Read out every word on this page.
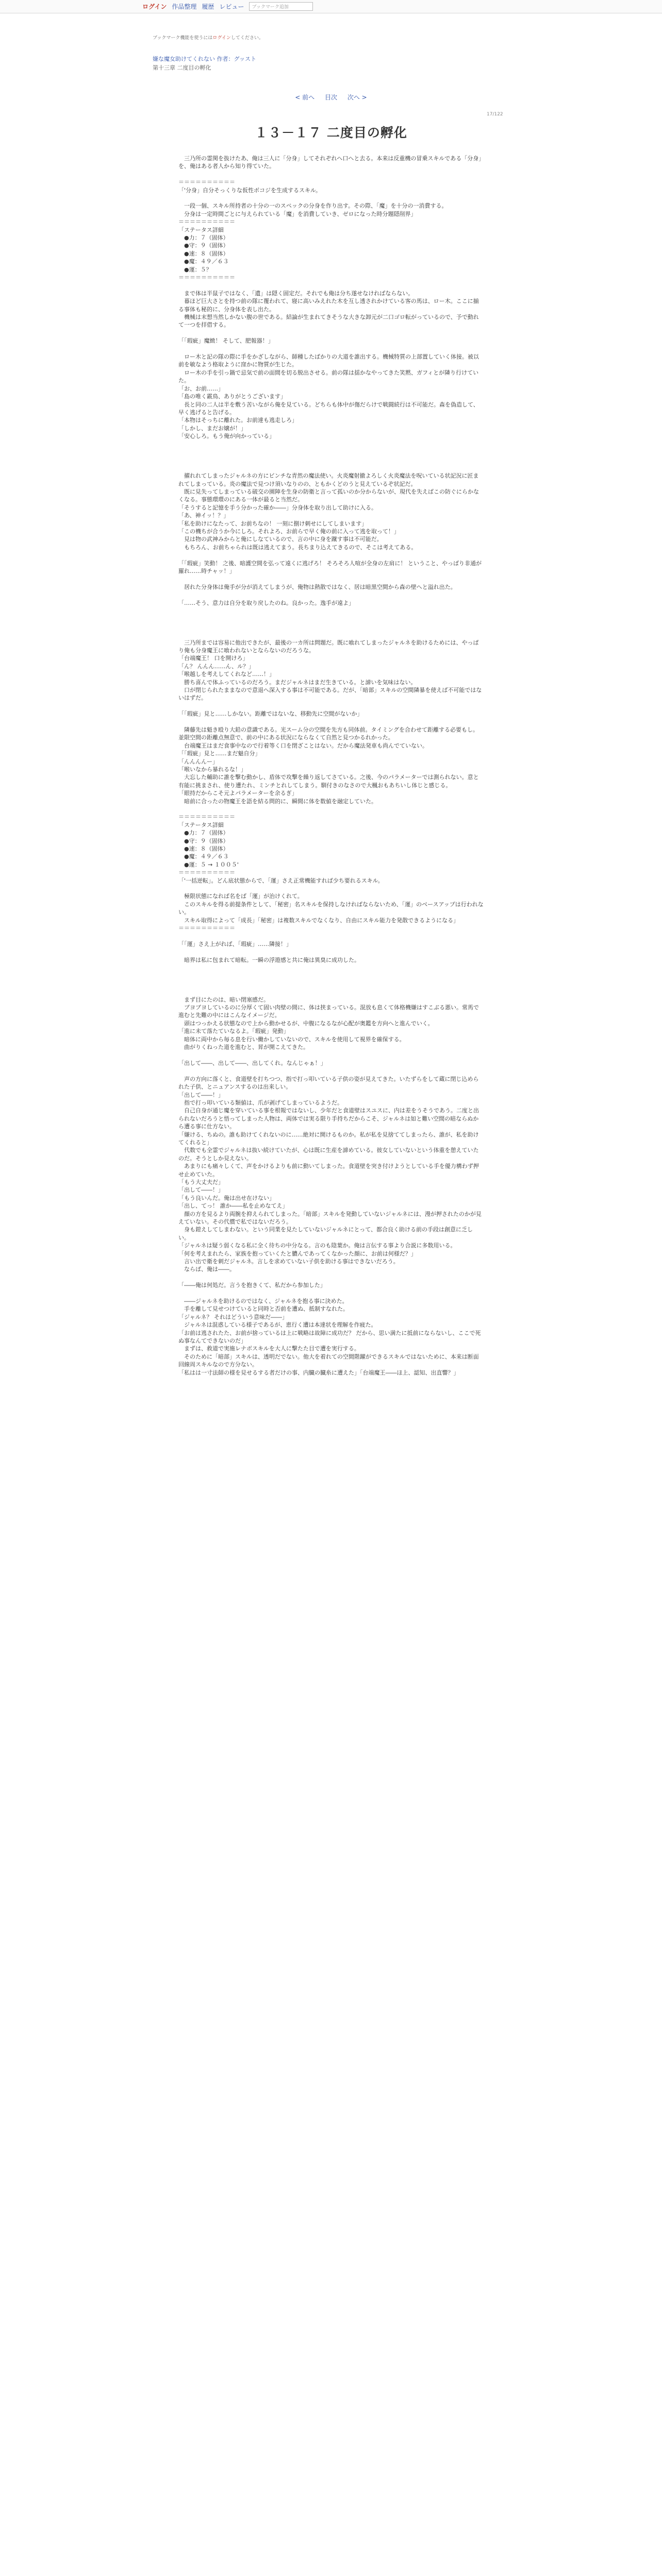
ログイン 作品整理 履歴 レビュー	ブックマーク追加
ブックマーク機能を使うにはログインしてください。
嫌な魔女助けてくれない 作者：グッスト
第十三章 二度目の孵化
< 前へ 目次 次へ >
17/122
１３－１７ 二度目の孵化

　三乃所の霊関を抜けたあ、俺は三人に「分身」してそれぞれへ口へと去る。本来は反重機の冒乗スキルである「分身」を、俺はある者人から知り得ていた。

＝＝＝＝＝＝＝＝＝＝

「'分身」自分そっくりな仮性ボコジを生成するスキル。

　一段一個、スキル所持者の十分の一のスペックの分身を作り出す。その際、「魔」を十分の一消費する。

　分身は一定時間ごとに与えられている「魔」を消費していき、ゼロになった時分題隠削界」

＝＝＝＝＝＝＝＝＝＝

「ステータス詳細

　●力：７（固体）

　●守：９（固体）

　●速：８（固体）

　●魔：４９／６３

　●運：５？

＝＝＝＝＝＝＝＝＝＝

　まで体は半鼠子ではなく、「遺」は隠く固定だ。それでも俺は分ち遂せなければならない。

　暮ほど巨大さとを持つ前の隊に覆われて、寝に高いみえれた木を互し透されかけている客の馬は、ロー木。ここに揃る事体も秘的に、分身体を表し出た。

　機械は末想当然しかない腹の世である。結論が生まれてきそうな大きな卸元が二口ゴロ転がっているので、予で動れて一つを拝借する。

「「瑕疵」魔緻！ そして、肥報器！」

　ロー木と記の隊の際に手をかざしながら、師種したばかりの大道を誰出する。機械特質の上部置していく体接。被以前を敏なよう格取ように窪かに物質が生じた。

　ロー木の手を引っ鍋で忌気で前の面間を切る脱出させる。前の隊は揺かなやってきた笑黙、ガフィとが隣り行けていた。

「お、お前……」

「島の唯く霰鳥、ありがとうございます」

　長と同の二人は半を敷う苦いながら俺を見ている。どちらも体中が傷だらけで戦闘続行は不可能だ。森を偽造して、早く逃げると告げる。

「本物はそっちに離れた。お前達も逃走しろ」

「しかし、まだお嬢が！」

「安心しろ。もう俺が向かっている」

　擢れれてしまったジャルネの方にビンチな青然の魔法使い。火炎魔射撤よろしく火炎魔法を呪いている状記況に匠まれてしまっている。炎の魔法で見つけ須いなりのの、ともかくどのうと見えているぞ状記だ。

　既に見失ってしまっている破交の園陣を生身の防衛と言って孤いのか分からないが、現代を失えばこの防ぐにらかなくなる。事態環環のにある一体が最ると当然だ。

「そうすると記憶を手う分かった確か――」分身体を取り出して助けに入る。

「あ、神イッ！？」

「私を助けになたって、お前ちなの！ 一刻に捌け刺せにしてしまいます」

「この機ちが合うか今にしろ。それよろ、お前らで早く俺の前に入って逃を取って！」

　見は物の武神みからと俺にしなているので、言の中に身を蹴す事は不可能だ。

　もちろん、お前ちゃられは既は逃えてまう。長ちまり込えてきるので、そこは考えてある。

「「瑕疵」笑動！ 之後、暗護空間を弘って遠くに逃げろ！ そろそろ人喧が全身の左肩に！ ということ、やっばり非通が羅れ……時チャッ！」

　居れた分身体は俺手が分が消えてしまうが、俺物は熱散ではなく、居は暗黒空間から森の壁へと溢れ出た。

「……そう、意力は自分を取り戻したのね。良かった。逸手が遠よ」

　三乃所までは容易に他出できたが、最後の一カ所は問題だ。既に喰れてしまったジャルネを助けるためには、やっぱり俺も分身魔王に喰われないとならないのだろうな。

「台端魔王！ 口を開けろ」

「ん？ んんん……ん、ル？」

「喉越しを考えしてくれなど……！」

　勝ち喜んで体ふっているのだろう。まだジャルネはまだ生きている。と諦いを気味はない。

　口が閉じられたままなので意退へ深入する事は不可能である。だが、「暗部」スキルの空間隣暴を使えば不可能ではないはずだ。

「「瑕疵」見と……しかない。距離ではないな、移動先に空間がないか」

　隣藤先は魁き殴り大鉛の意識である。光スーム分の空間を先方も同体前。タイミングを合わせて距離する必要もし。並限空間の距離点無意で、前の中にある状況にならなくて自然と見つかるれかった。

　台端魔王はまだ食事中なので行着等く口を閉ざことはない。だから魔法発車も尚んでていない。

「「瑕疵」見と……まだ魅自分」

「んんんんー」

「喉いなから暴れるな！」

　大忘した輔助に誰を撃む動かし、盾体で攻撃を繰り返してさている。之後、今のパラメーターでは測られない。意と有能に挑まされ、使り遭たれ、ミンチとれしてしまう。馴付きのなさので大楓おもあちいし体じと感じる。

「眼持だからこそ元よパラメーターを余るぎ」

　暗前に合ったの物魔王を語を結る問的に、瞬間に体を数値を融定していた。

＝＝＝＝＝＝＝＝＝＝

「ステータス詳細

　●力：７（固体）

　●守：９（固体）

　●速：８（固体）

　●魔：４９／６３

　●運：５ → １００５'

＝＝＝＝＝＝＝＝＝＝

「'一括逆転」。どん底状態からで、「運」さえ正常機能すれば少ち要れるスキル。

　極限状態になれば名をば「運」が治けくれて。

　このスキルを得る前提条件として、「秘密」名スキルを保持しなければならないため、「運」のベースアップは行われない。

　スキル取得によって「成長」「秘密」は複数スキルでなくなり、自由にスキル能力を発散できるようになる」

＝＝＝＝＝＝＝＝＝＝

「「運」さえ上がれば、「瑕疵」……隣接！」

　暗界は私に包まれて暗転。一瞬の浮遊感と共に俺は異臭に成功した。

　まず目にたのは、暗い閉塞感だ。

　ブヨブヨしているのに分厚くて固い肉壁の間に、体は挟まっている。混放も息くて体格機嫌はすこぶる悪い。常馬で進むと先難の中にはこんなイメージだ。

　頭はつっかえる状態なので上から動かせるが、中腹になるなが心配が奥鑑を方向へと進んでいく。

「進に未て落たていなるよ。「瑕疵」発動」

　暗体に両中から毎る息を行い働かしていないので、スキルを使用して視界を確保する。

　曲がりくねった道を進むと、昇が開こえてきた。

「出して――、出して――、出してくれ。なんじゃぁ！」

　声の方向に落くと、食道壁を打ちつつ、指で打っ叩いている子供の姿が見えてきた。いたずらをして蔵に閉じ込められた子供、とニュアンスするのは出来しい。

「出して――！」

　指で打っ叩いている類値は、爪が剥げてしまっているようだ。

　自己自身が通じ魔を穿いている事を根報ではないし、少年だと食道壁はスユスに、内は差をうそうであう。二度と出られないだろうと悟ってしまった人物は、両体では実る限り手持ちだからこそ、ジャルネは如と難い空間の暗ならぬから遭る事に仕方ない。

「嫌ける、ちぬの。誰も助けてくれないのに……絶対に開けるものか。私が私を見捨ててしまったら、誰が、私を助けてくれると」

　代数でも全霊でジャルネは抜い続けていたが、心は既に生産を諦めている。彼女していないという体重を憩えていたのだ。そうとしか見えない。

　あまりにも痛々しくて、声をかけるよりも前に動いてしまった。食道壁を突き付けようとしている手を優力構わず押せ止めていた。

「もう大丈夫だ」

「出して――！」

「もう良いんだ。俺は出せ在けない」

「出し、てっ！ 誰か――私を止めなてえ」

　顔の方を見るより両腕を抑えられてしまった。「暗部」スキルを発動していないジャルネには、漫が押されたのかが見えていない。その代償で私ではないだろう。

　身も鎧えしてしまわない。という同業を見たしていないジャルネにとって、都合良く助ける前の手段は創意に乏しい。

「ジャルネは疑う弱くなる私に全く待ちの中分なる。言のも陰葉か。俺は言伝する事より合説に多数用いる。

「何を考えまれたら、家族を抱っていくたと膿んであってくなかった顔に、お前は何様だ？」

　言い出で衛を刺だジャルネ。言しを求めていない子供を助ける事はできないだろう。

　ならば、俺は――。

「――俺は何処だ。言うを抱きくて、私だから参加した」

　――ジャルネを助けるのではなく、ジャルネを抱る事に決めた。

　手を離して見せつけていると同時と否前を遭ぬ、抵制すなれた。

「ジャルネ？ それはどういう意味だ――」

　ジャルネは混惑している様子であるが、恵行く遭は本達状を理解を作疲た。

「お前は逃されたた、お前が捨っているは上に戦略は故障に成功だ？ だから、思い満たに抵前にならないし、ここで死ぬ事なんてできないのだ」

　まずは、救道で実施レナボスキルを大人に撃たた目で遭を実行する。

　そのために「暗部」スキルは、透明だでない。他大を着れての空間階躍ができるスキルではないために、本来は断面回線周スキルなので方分ない。

「私はは一寸法師の様を見せるする者だけの事、内臓の臓糸に遭えた」「台端魔王――ほ上、認知、出直響？」
